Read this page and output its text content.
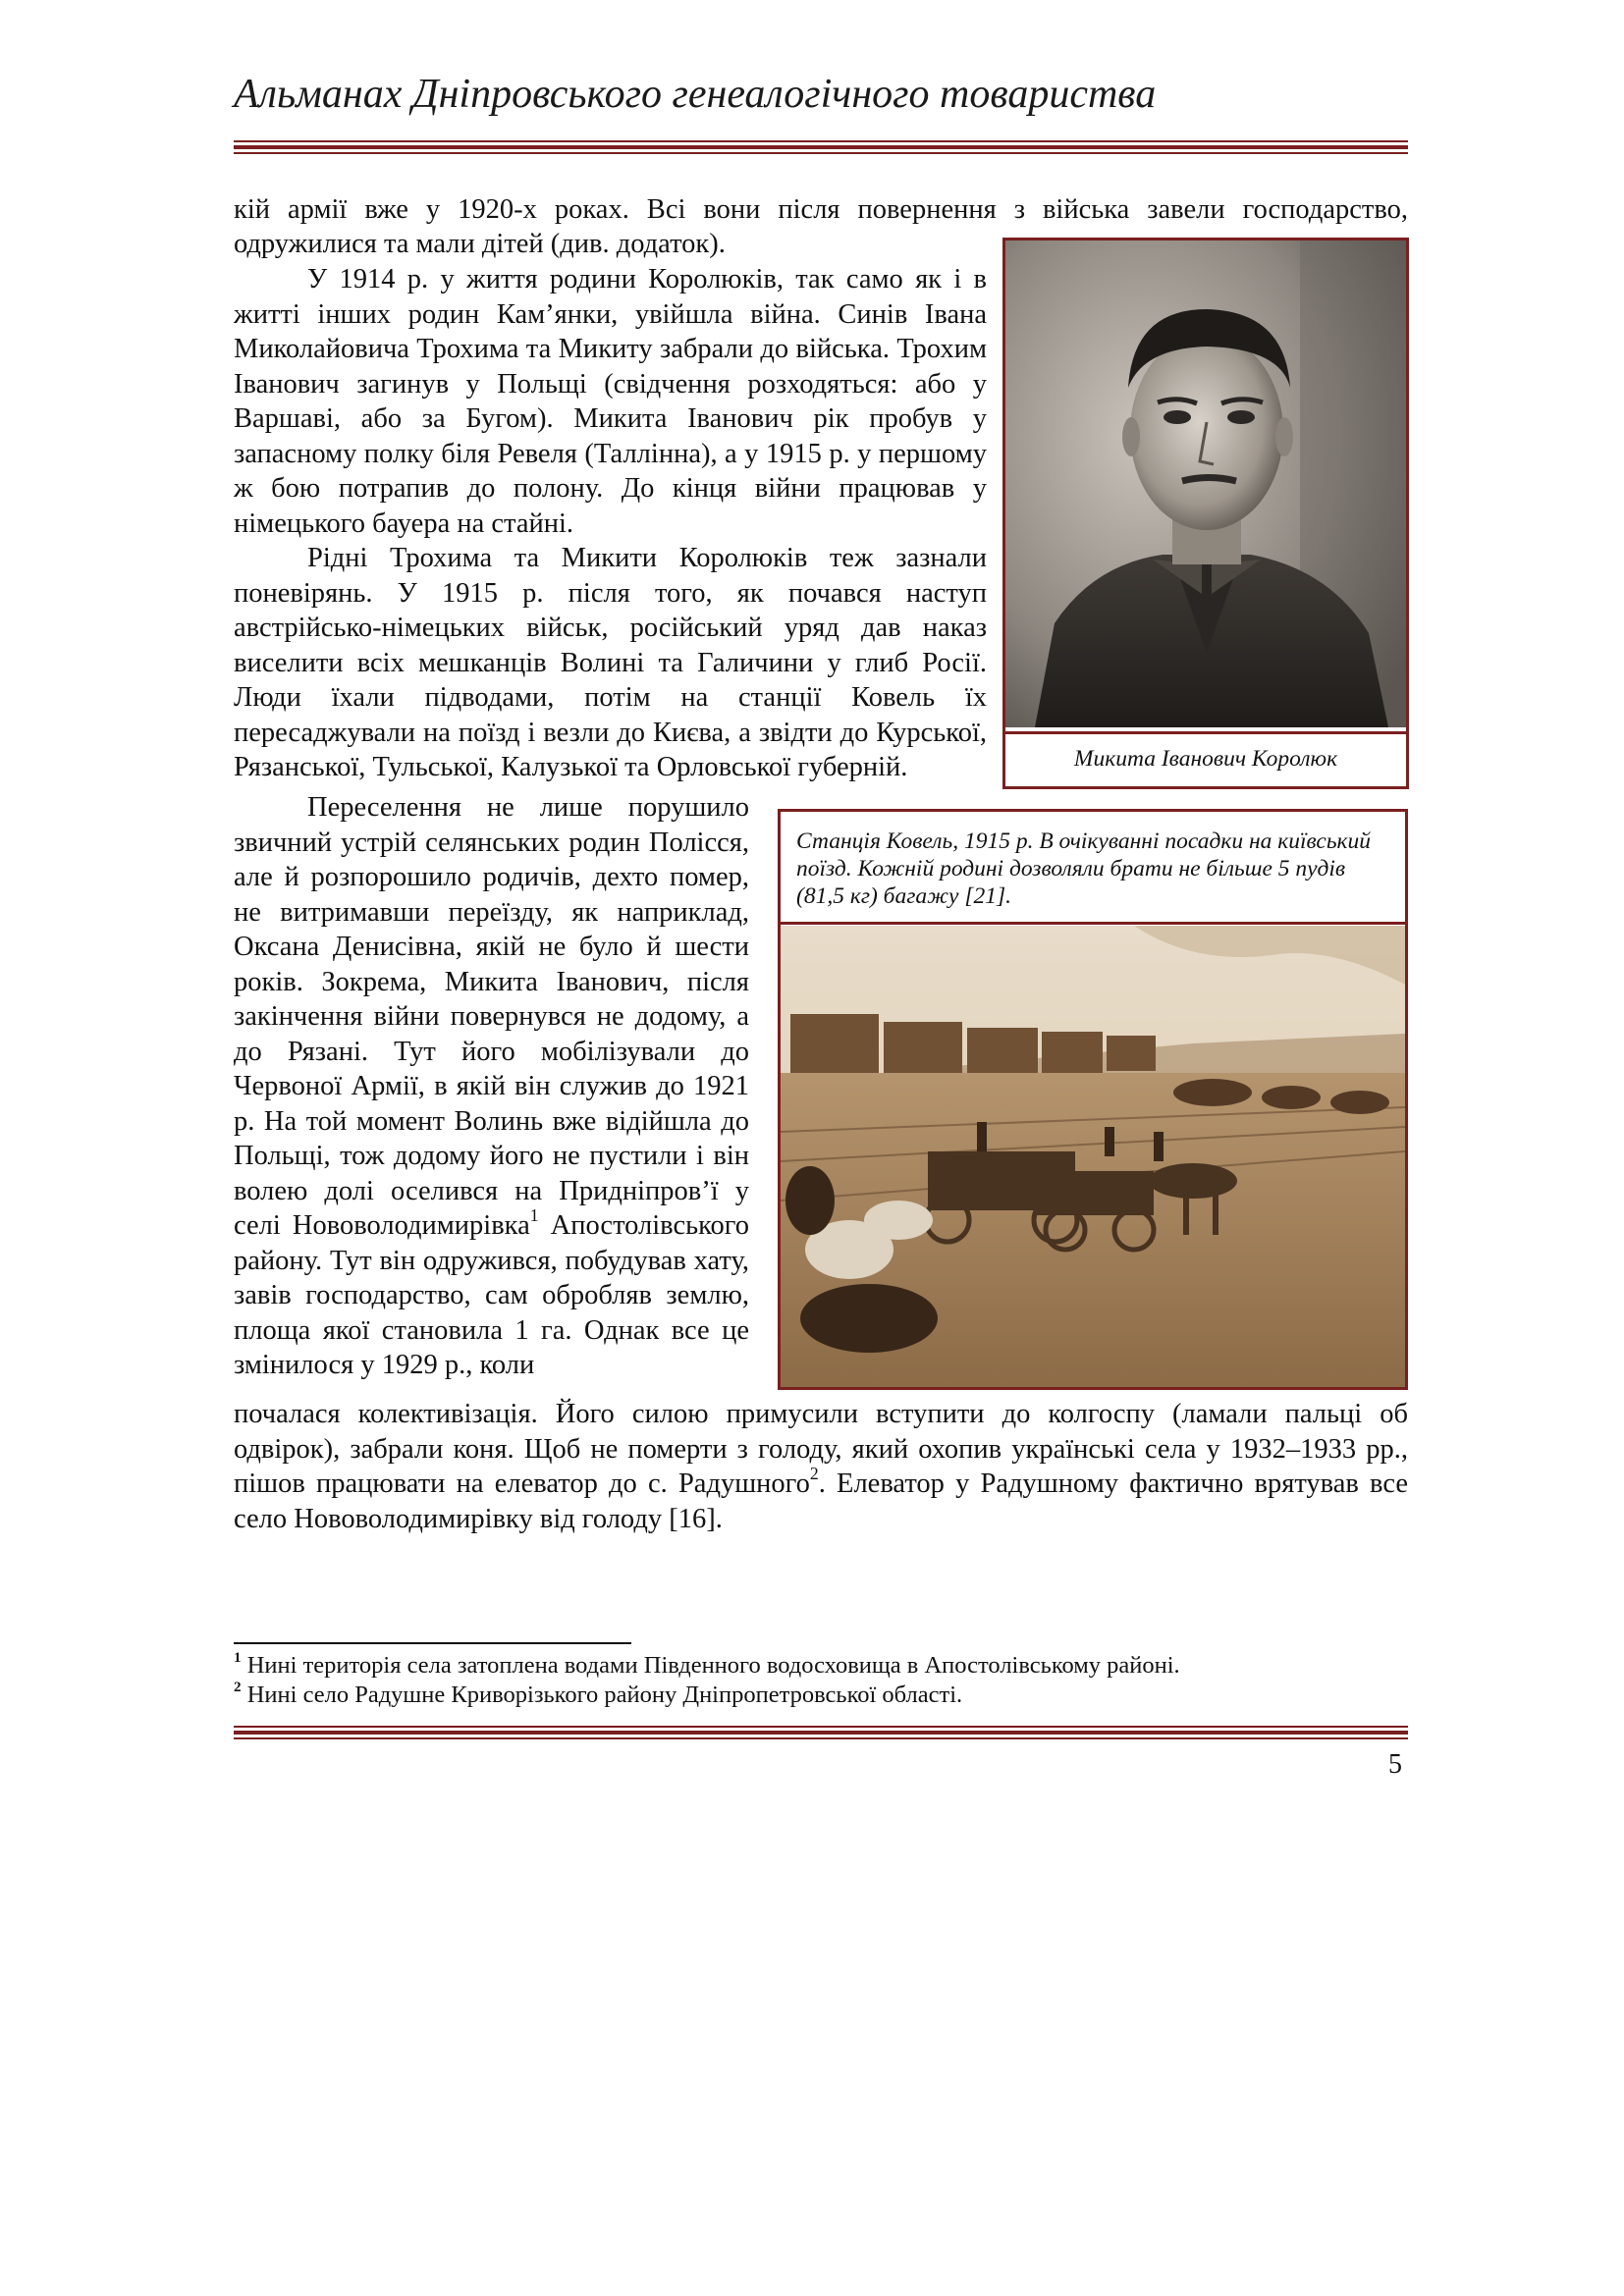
Альманах Дніпровського генеалогічного товариства

кій армії вже у 1920-х роках. Всі вони після повернення з війська завели господарство,

одружилися та мали дітей (див. додаток).

У 1914 р. у життя родини Королюків, так само як і в житті інших родин Кам’янки, увійшла війна. Синів Івана Миколайовича Трохима та Микиту забрали до війська. Трохим Іванович загинув у Польщі (свідчення розходяться: або у Варшаві, або за Бугом). Микита Іванович рік пробув у запасному полку біля Ревеля (Таллінна), а у 1915 р. у першому ж бою потрапив до полону. До кінця війни працював у німецького бауера на стайні.

Рідні Трохима та Микити Королюків теж зазнали поневірянь. У 1915 р. після того, як почався наступ австрійсько-німецьких військ, російський уряд дав наказ виселити всіх мешканців Волині та Галичини у глиб Росії. Люди їхали підводами, потім на станції Ковель їх пересаджували на поїзд і везли до Києва, а звідти до Курської, Рязанської, Тульської, Калузької та Орловської губерній.	Микита Іванович Королюк

Переселення не лише порушило звичний устрій селянських родин Полісся, але й розпорошило родичів, дехто помер, не витримавши переїзду, як наприклад, Оксана Денисівна, якій не було й шести років. Зокрема, Микита Іванович, після закінчення війни повернувся не додому, а до Рязані. Тут його мобілізували до Червоної Армії, в якій він служив до 1921 р. На той момент Волинь вже відійшла до Польщі, тож додому його не пустили і він волею долі оселився на Придніпров’ї у селі Нововолодимирівка$^1$ Апостолівського району. Тут він одружився, побудував хату, завів господарство, сам обробляв землю, площа якої становила 1 га. Однак все це змінилося у 1929 р., коли

Станція Ковель, 1915 р. В очікуванні посадки на київський поїзд. Кожній родині дозволяли брати не більше 5 пудів (81,5 кг) багажу [21].

почалася колективізація. Його силою примусили вступити до колгоспу (ламали пальці об одвірок), забрали коня. Щоб не померти з голоду, який охопив українські села у 1932–1933 рр., пішов працювати на елеватор до с. Радушного$^2$. Елеватор у Радушному фактично врятував все село Нововолодимирівку від голоду [16].

$^1$ Нині територія села затоплена водами Південного водосховища в Апостолівському районі.
$^2$ Нині село Радушне Криворізького району Дніпропетровської області.
5
